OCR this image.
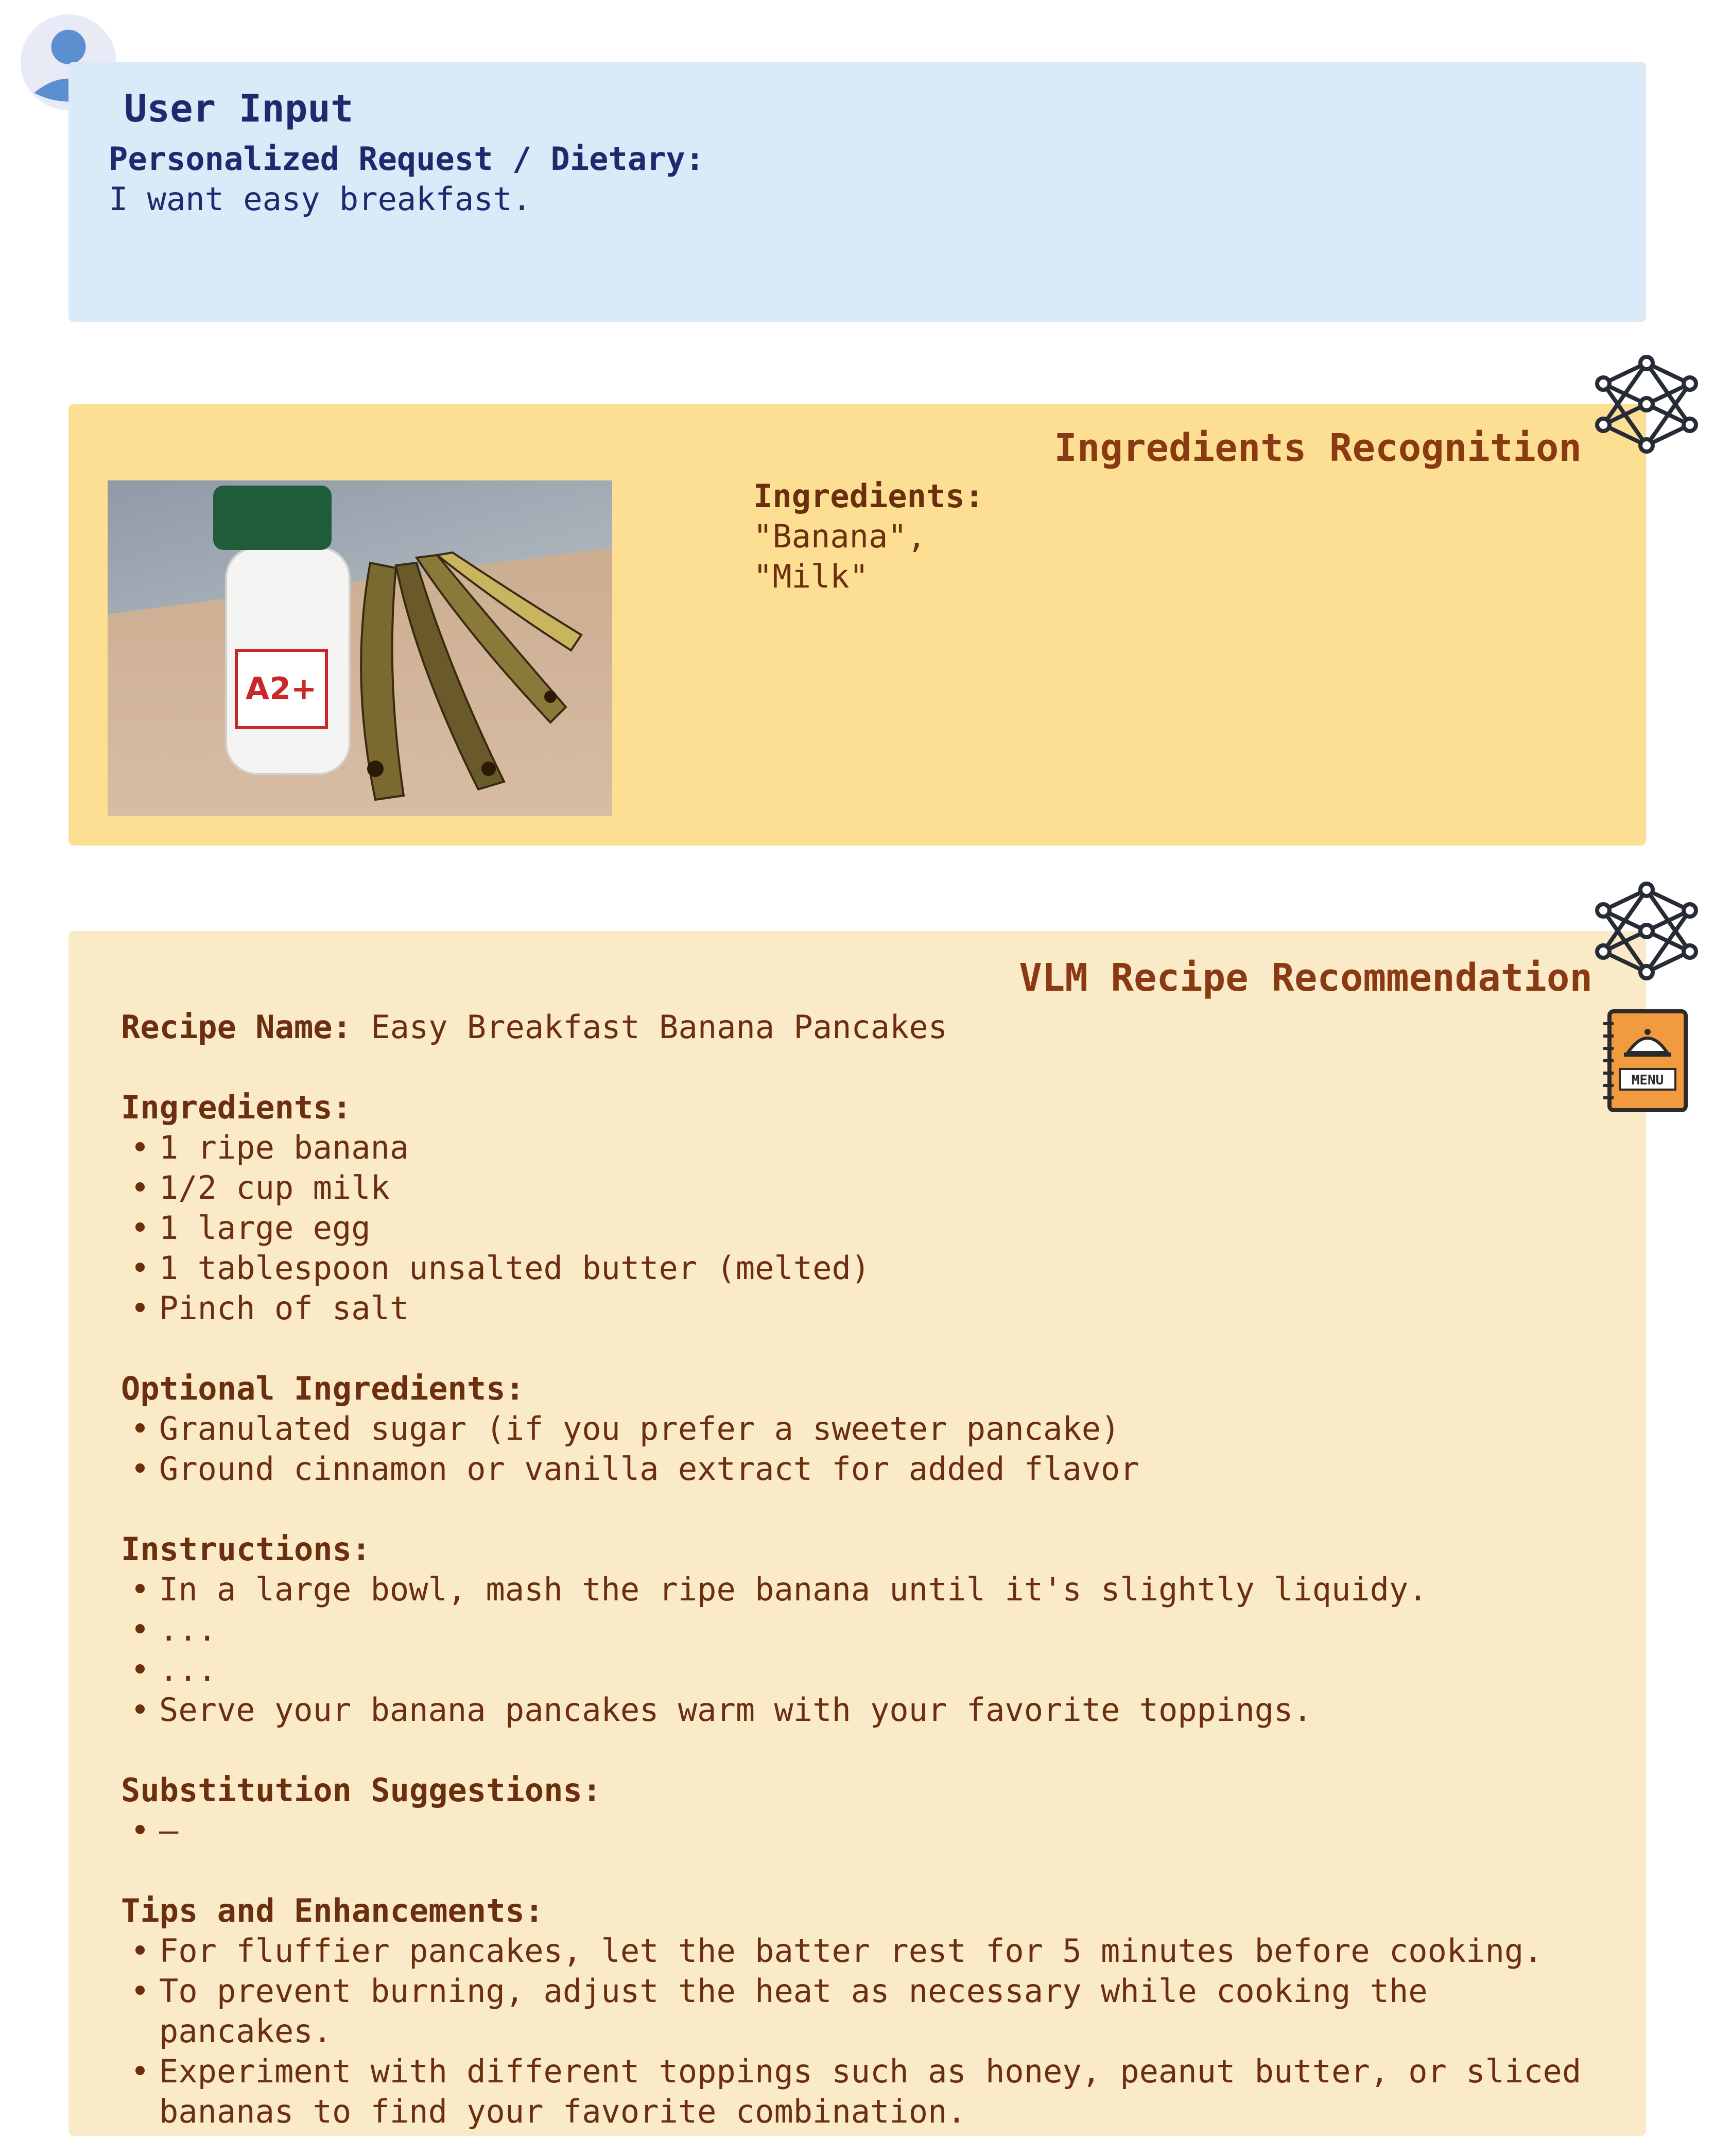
User Input
Personalized Request / Dietary:
I want easy breakfast.
Ingredients Recognition
A2+
Ingredients:
"Banana",
"Milk"
VLM Recipe Recommendation
Recipe Name: Easy Breakfast Banana Pancakes
Ingredients:
• 1 ripe banana
• 1/2 cup milk
• 1 large egg
• 1 tablespoon unsalted butter (melted)
• Pinch of salt
Optional Ingredients:
• Granulated sugar (if you prefer a sweeter pancake)
• Ground cinnamon or vanilla extract for added flavor
Instructions:
• In a large bowl, mash the ripe banana until it's slightly liquidy.
• ...
• ...
• Serve your banana pancakes warm with your favorite toppings.
Substitution Suggestions:
• –
Tips and Enhancements:
• For fluffier pancakes, let the batter rest for 5 minutes before cooking.
• To prevent burning, adjust the heat as necessary while cooking the pancakes.
• Experiment with different toppings such as honey, peanut butter, or sliced bananas to find your favorite combination.
MENU
